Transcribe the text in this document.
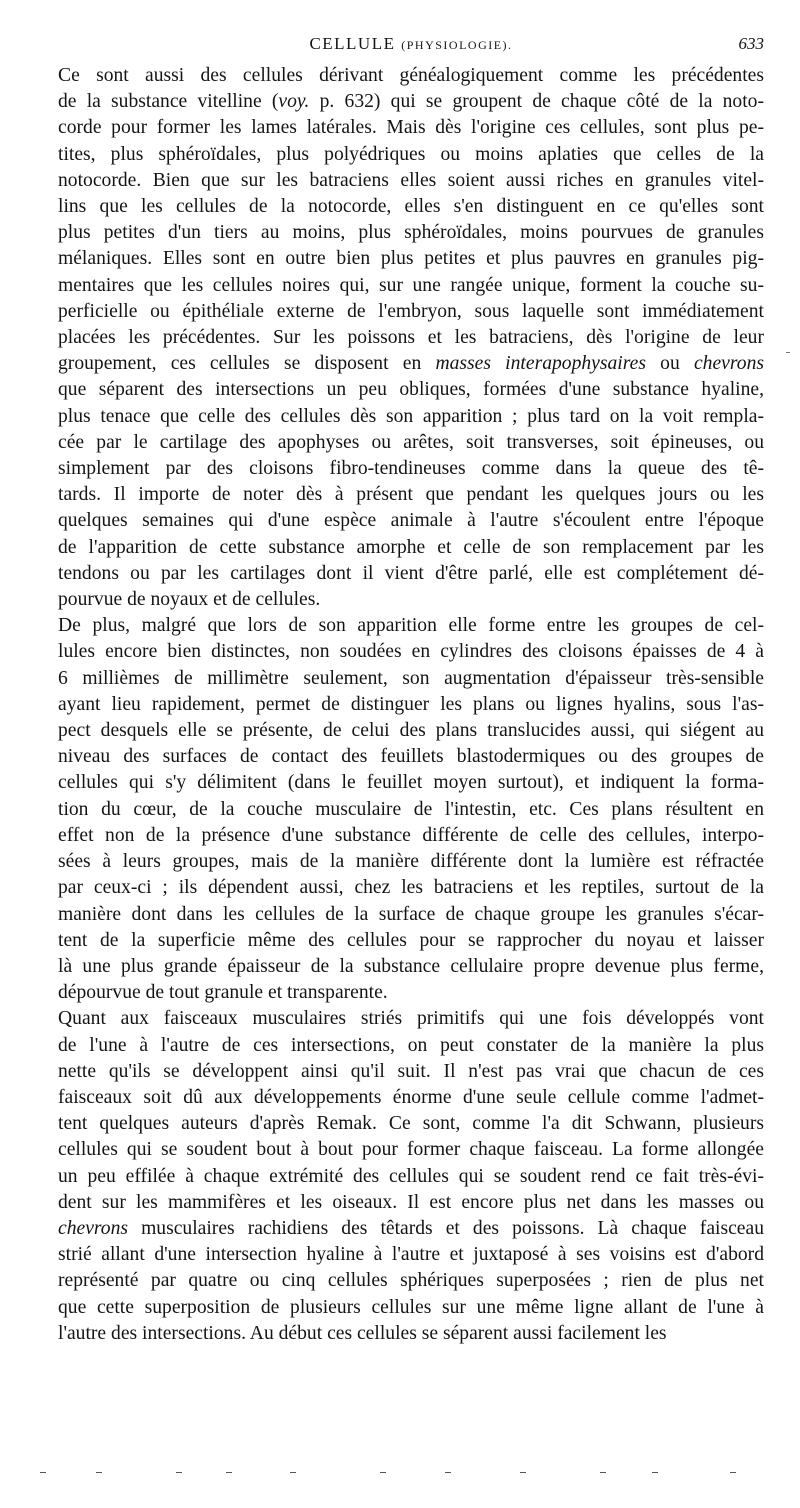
CELLULE (PHYSIOLOGIE).	633
Ce sont aussi des cellules dérivant généalogiquement comme les précédentes
de la substance vitelline (voy. p. 632) qui se groupent de chaque côté de la noto-
corde pour former les lames latérales. Mais dès l'origine ces cellules, sont plus pe-
tites, plus sphéroïdales, plus polyédriques ou moins aplaties que celles de la
notocorde. Bien que sur les batraciens elles soient aussi riches en granules vitel-
lins que les cellules de la notocorde, elles s'en distinguent en ce qu'elles sont
plus petites d'un tiers au moins, plus sphéroïdales, moins pourvues de granules
mélaniques. Elles sont en outre bien plus petites et plus pauvres en granules pig-
mentaires que les cellules noires qui, sur une rangée unique, forment la couche su-
perficielle ou épithéliale externe de l'embryon, sous laquelle sont immédiatement
placées les précédentes. Sur les poissons et les batraciens, dès l'origine de leur
groupement, ces cellules se disposent en masses interapophysaires ou chevrons
que séparent des intersections un peu obliques, formées d'une substance hyaline,
plus tenace que celle des cellules dès son apparition ; plus tard on la voit rempla-
cée par le cartilage des apophyses ou arêtes, soit transverses, soit épineuses, ou
simplement par des cloisons fibro-tendineuses comme dans la queue des tê-
tards. Il importe de noter dès à présent que pendant les quelques jours ou les
quelques semaines qui d'une espèce animale à l'autre s'écoulent entre l'époque
de l'apparition de cette substance amorphe et celle de son remplacement par les
tendons ou par les cartilages dont il vient d'être parlé, elle est complétement dé-
pourvue de noyaux et de cellules.
De plus, malgré que lors de son apparition elle forme entre les groupes de cel-
lules encore bien distinctes, non soudées en cylindres des cloisons épaisses de 4 à
6 millièmes de millimètre seulement, son augmentation d'épaisseur très-sensible
ayant lieu rapidement, permet de distinguer les plans ou lignes hyalins, sous l'as-
pect desquels elle se présente, de celui des plans translucides aussi, qui siégent au
niveau des surfaces de contact des feuillets blastodermiques ou des groupes de
cellules qui s'y délimitent (dans le feuillet moyen surtout), et indiquent la forma-
tion du cœur, de la couche musculaire de l'intestin, etc. Ces plans résultent en
effet non de la présence d'une substance différente de celle des cellules, interpo-
sées à leurs groupes, mais de la manière différente dont la lumière est réfractée
par ceux-ci ; ils dépendent aussi, chez les batraciens et les reptiles, surtout de la
manière dont dans les cellules de la surface de chaque groupe les granules s'écar-
tent de la superficie même des cellules pour se rapprocher du noyau et laisser
là une plus grande épaisseur de la substance cellulaire propre devenue plus ferme,
dépourvue de tout granule et transparente.
Quant aux faisceaux musculaires striés primitifs qui une fois développés vont
de l'une à l'autre de ces intersections, on peut constater de la manière la plus
nette qu'ils se développent ainsi qu'il suit. Il n'est pas vrai que chacun de ces
faisceaux soit dû aux développements énorme d'une seule cellule comme l'admet-
tent quelques auteurs d'après Remak. Ce sont, comme l'a dit Schwann, plusieurs
cellules qui se soudent bout à bout pour former chaque faisceau. La forme allongée
un peu effilée à chaque extrémité des cellules qui se soudent rend ce fait très-évi-
dent sur les mammifères et les oiseaux. Il est encore plus net dans les masses ou
chevrons musculaires rachidiens des têtards et des poissons. Là chaque faisceau
strié allant d'une intersection hyaline à l'autre et juxtaposé à ses voisins est d'abord
représenté par quatre ou cinq cellules sphériques superposées ; rien de plus net
que cette superposition de plusieurs cellules sur une même ligne allant de l'une à
l'autre des intersections. Au début ces cellules se séparent aussi facilement les
